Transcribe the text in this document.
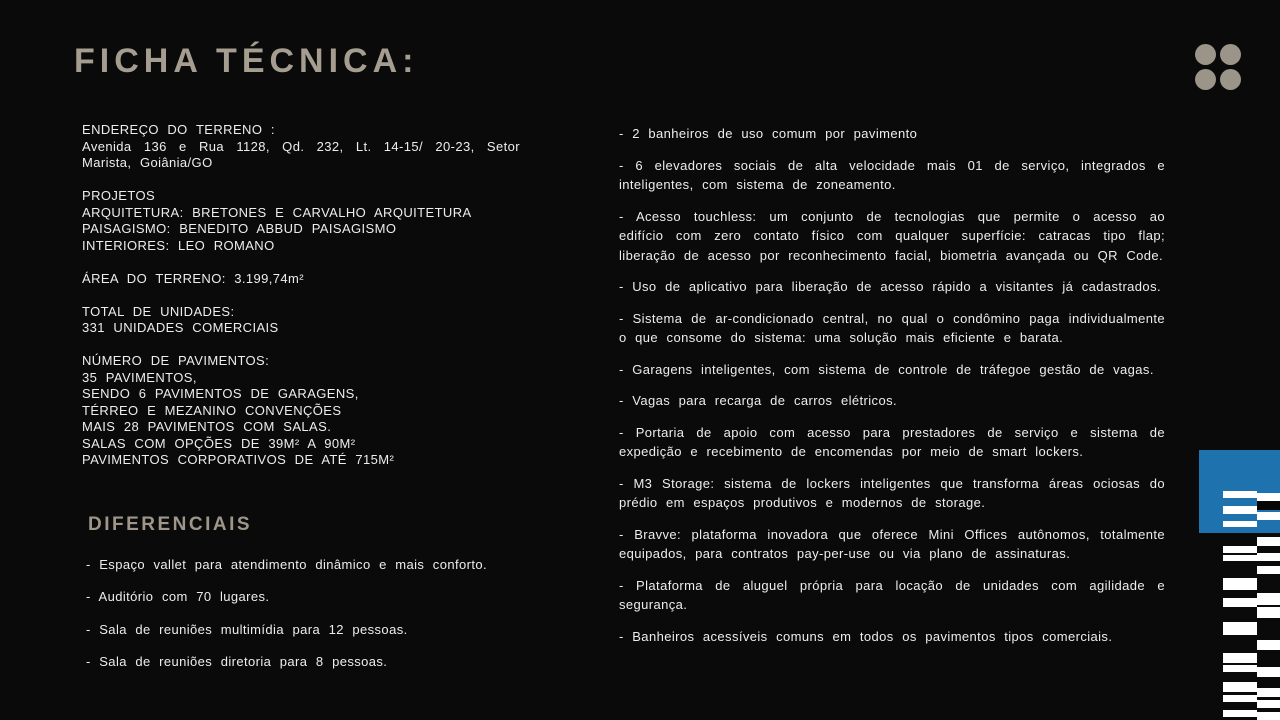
FICHA TÉCNICA:
ENDEREÇO DO TERRENO :
Avenida 136 e Rua 1128, Qd. 232, Lt. 14-15/ 20-23, Setor Marista, Goiânia/GO
PROJETOS
ARQUITETURA: BRETONES E CARVALHO ARQUITETURA
PAISAGISMO: BENEDITO ABBUD PAISAGISMO
INTERIORES: LEO ROMANO
ÁREA DO TERRENO: 3.199,74m²
TOTAL DE UNIDADES:
331 UNIDADES COMERCIAIS
NÚMERO DE PAVIMENTOS:
35 PAVIMENTOS,
SENDO 6 PAVIMENTOS DE GARAGENS,
TÉRREO E MEZANINO CONVENÇÕES
MAIS 28 PAVIMENTOS COM SALAS.
SALAS COM OPÇÕES DE 39M² A 90M²
PAVIMENTOS CORPORATIVOS DE ATÉ 715M²
DIFERENCIAIS
- Espaço vallet para atendimento dinâmico e mais conforto.
- Auditório com 70 lugares.
- Sala de reuniões multimídia para 12 pessoas.
- Sala de reuniões diretoria para 8 pessoas.
- 2 banheiros de uso comum por pavimento
- 6 elevadores sociais de alta velocidade mais 01 de serviço, integrados e inteligentes, com sistema de zoneamento.
- Acesso touchless: um conjunto de tecnologias que permite o acesso ao edifício com zero contato físico com qualquer superfície: catracas tipo flap; liberação de acesso por reconhecimento facial, biometria avançada ou QR Code.
- Uso de aplicativo para liberação de acesso rápido a visitantes já cadastrados.
- Sistema de ar-condicionado central, no qual o condômino paga individualmente o que consome do sistema: uma solução mais eficiente e barata.
- Garagens inteligentes, com sistema de controle de tráfegoe gestão de vagas.
- Vagas para recarga de carros elétricos.
- Portaria de apoio com acesso para prestadores de serviço e sistema de expedição e recebimento de encomendas por meio de smart lockers.
- M3 Storage: sistema de lockers inteligentes que transforma áreas ociosas do prédio em espaços produtivos e modernos de storage.
- Bravve: plataforma inovadora que oferece Mini Offices autônomos, totalmente equipados, para contratos pay-per-use ou via plano de assinaturas.
- Plataforma de aluguel própria para locação de unidades com agilidade e segurança.
- Banheiros acessíveis comuns em todos os pavimentos tipos comerciais.
